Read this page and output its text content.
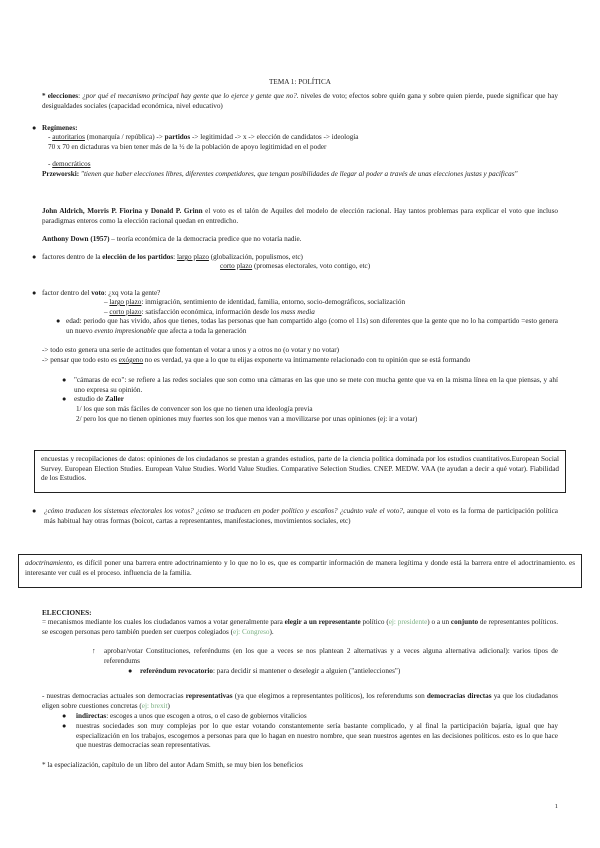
TEMA 1: POLÍTICA
* elecciones: ¿por qué el mecanismo principal hay gente que lo ejerce y gente que no?. niveles de voto; efectos sobre quién gana y sobre quien pierde, puede significar que hay desigualdades sociales (capacidad económica, nivel educativo)
● Regímenes:
- autoritarios (monarquía / república) -> partidos -> legitimidad -> x -> elección de candidatos -> ideología
70 x 70 en dictaduras va bien tener más de la ½ de la población de apoyo legitimidad en el poder
- democráticos
Przeworski: "tienen que haber elecciones libres, diferentes competidores, que tengan posibilidades de llegar al poder a través de unas elecciones justas y pacíficas"
John Aldrich, Morris P. Fiorina y Donald P. Grinn el voto es el talón de Aquiles del modelo de elección racional. Hay tantos problemas para explicar el voto que incluso paradigmas enteros como la elección racional quedan en entredicho.
Anthony Down (1957) – teoría económica de la democracia predice que no votaría nadie.
● factores dentro de la elección de los partidos: largo plazo (globalización, populismos, etc)
corto plazo (promesas electorales, voto contigo, etc)
● factor dentro del voto: ¿xq vota la gente?
– largo plazo: inmigración, sentimiento de identidad, familia, entorno, socio-demográficos, socialización
– corto plazo: satisfacción económica, información desde los mass media
● edad: periodo que has vivido, años que tienes, todas las personas que han compartido algo (como el 11s) son diferentes que la gente que no lo ha compartido =esto genera un nuevo evento impresionable que afecta a toda la generación
-> todo esto genera una serie de actitudes que fomentan el votar a unos y a otros no (o votar y no votar)
-> pensar que todo esto es exógeno no es verdad, ya que a lo que tu elijas exponerte va íntimamente relacionado con tu opinión que se está formando
● "cámaras de eco": se refiere a las redes sociales que son como una cámaras en las que uno se mete con mucha gente que va en la misma línea en la que piensas, y ahí uno expresa su opinión.
● estudio de Zaller
1/ los que son más fáciles de convencer son los que no tienen una ideología previa
2/ pero los que no tienen opiniones muy fuertes son los que menos van a movilizarse por unas opiniones (ej: ir a votar)
encuestas y recopilaciones de datos: opiniones de los ciudadanos se prestan a grandes estudios, parte de la ciencia política dominada por los estudios cuantitativos.European Social Survey. European Election Studies. European Value Studies. World Value Studies. Comparative Selection Studies. CNEP. MEDW. VAA (te ayudan a decir a qué votar). Fiabilidad de los Estudios.
● ¿cómo traducen los sistemas electorales los votos? ¿cómo se traducen en poder político y escaños? ¿cuánto vale el voto?, aunque el voto es la forma de participación política más habitual hay otras formas (boicot, cartas a representantes, manifestaciones, movimientos sociales, etc)
adoctrinamiento, es difícil poner una barrera entre adoctrinamiento y lo que no lo es, que es compartir información de manera legítima y donde está la barrera entre el adoctrinamiento. es interesante ver cuál es el proceso. influencia de la familia.
ELECCIONES:
= mecanismos mediante los cuales los ciudadanos vamos a votar generalmente para elegir a un representante político (ej: presidente) o a un conjunto de representantes políticos. se escogen personas pero también pueden ser cuerpos colegiados (ej: Congreso).
↑ aprobar/votar Constituciones, referéndums (en los que a veces se nos plantean 2 alternativas y a veces alguna alternativa adicional): varios tipos de referendums
● referéndum revocatorio: para decidir si mantener o deselegir a alguien ("antielecciones")
- nuestras democracias actuales son democracias representativas (ya que elegimos a representantes políticos), los referendums son democracias directas ya que los ciudadanos eligen sobre cuestiones concretas (ej: brexit)
● indirectas: escoges a unos que escogen a otros, o el caso de gobiernos vitalicios
● nuestras sociedades son muy complejas por lo que estar votando constantemente sería bastante complicado, y al final la participación bajaría, igual que hay especialización en los trabajos, escogemos a personas para que lo hagan en nuestro nombre, que sean nuestros agentes en las decisiones políticos. esto es lo que hace que nuestras democracias sean representativas.
* la especialización, capítulo de un libro del autor Adam Smith, se muy bien los beneficios
1
